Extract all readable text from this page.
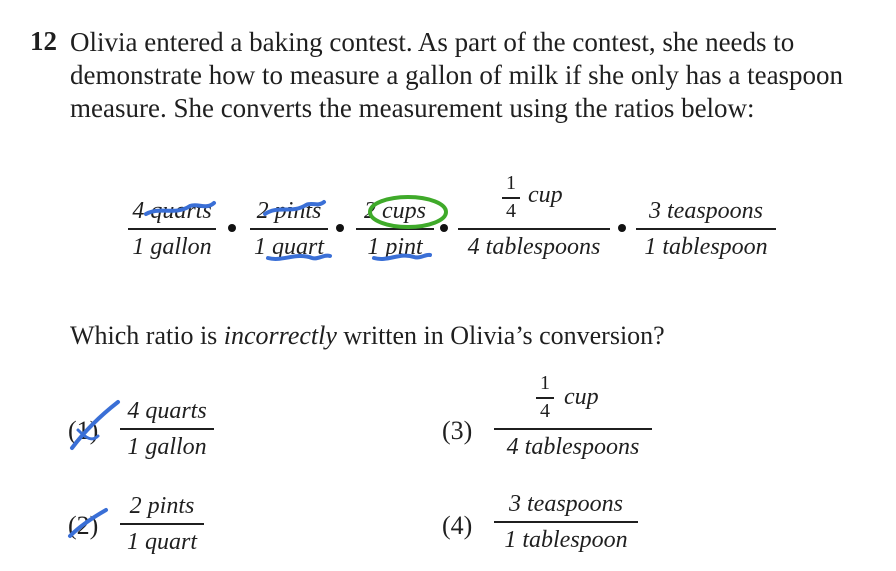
12 Olivia entered a baking contest. As part of the contest, she needs to
demonstrate how to measure a gallon of milk if she only has a teaspoon
measure. She converts the measurement using the ratios below:
4 quarts
1 gallon
2 pints
1 quart
2 cups
1 pint
1
4
cup
4 tablespoons
3 teaspoons
1 tablespoon
Which ratio is incorrectly written in Olivia’s conversion?
(1)
4 quarts
1 gallon
(2)
2 pints
1 quart
(3)
1
4
cup
4 tablespoons
(4)
3 teaspoons
1 tablespoon
